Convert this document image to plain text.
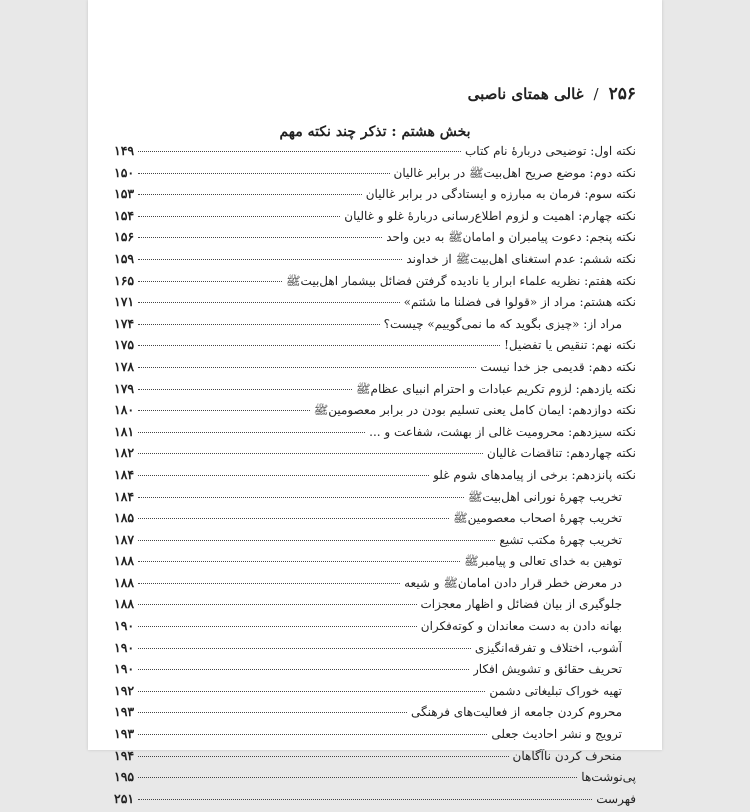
۲۵۶
/
غالی همتای ناصبی
بخش هشتم : تذکر چند نکته مهم
نکته اول: توضیحی دربارهٔ نام کتاب
۱۴۹
نکته دوم: موضع صریح اهل‌بیتﷺ در برابر غالیان
۱۵۰
نکته سوم: فرمان به مبارزه و ایستادگی در برابر غالیان
۱۵۳
نکته چهارم: اهمیت و لزوم اطلاع‌رسانی دربارهٔ غلو و غالیان
۱۵۴
نکته پنجم: دعوت پیامبران و امامانﷺ به دین واحد
۱۵۶
نکته ششم: عدم استغنای اهل‌بیتﷺ از خداوند
۱۵۹
نکته هفتم: نظریه علماء ابرار یا نادیده گرفتن فضائل بیشمار اهل‌بیتﷺ
۱۶۵
نکته هشتم: مراد از «قولوا فی فضلنا ما شئتم»
۱۷۱
مراد از: «چیزی بگوید که ما نمی‌گوییم» چیست؟
۱۷۴
نکته نهم: تنقیص یا تفضیل!
۱۷۵
نکته دهم: قدیمی جز خدا نیست
۱۷۸
نکته یازدهم: لزوم تکریم عبادات و احترام انبیای عظامﷺ
۱۷۹
نکته دوازدهم: ایمان کامل یعنی تسلیم بودن در برابر معصومینﷺ
۱۸۰
نکته سیزدهم: محرومیت غالی از بهشت، شفاعت و ...
۱۸۱
نکته چهاردهم: تناقضات غالیان
۱۸۲
نکته پانزدهم: برخی از پیامدهای شوم غلو
۱۸۴
تخریب چهرهٔ نورانی اهل‌بیتﷺ
۱۸۴
تخریب چهرهٔ اصحاب معصومینﷺ
۱۸۵
تخریب چهرهٔ مکتب تشیع
۱۸۷
توهین به خدای تعالی و پیامبرﷺ
۱۸۸
در معرض خطر قرار دادن امامانﷺ و شیعه
۱۸۸
جلوگیری از بیان فضائل و اظهار معجزات
۱۸۸
بهانه دادن به دست معاندان و کوته‌فکران
۱۹۰
آشوب، اختلاف و تفرقه‌انگیزی
۱۹۰
تحریف حقائق و تشویش افکار
۱۹۰
تهیه خوراک تبلیغاتی دشمن
۱۹۲
محروم کردن جامعه از فعالیت‌های فرهنگی
۱۹۳
ترویج و نشر احادیث جعلی
۱۹۳
منحرف کردن ناآگاهان
۱۹۴
پی‌نوشت‌ها
۱۹۵
فهرست
۲۵۱
